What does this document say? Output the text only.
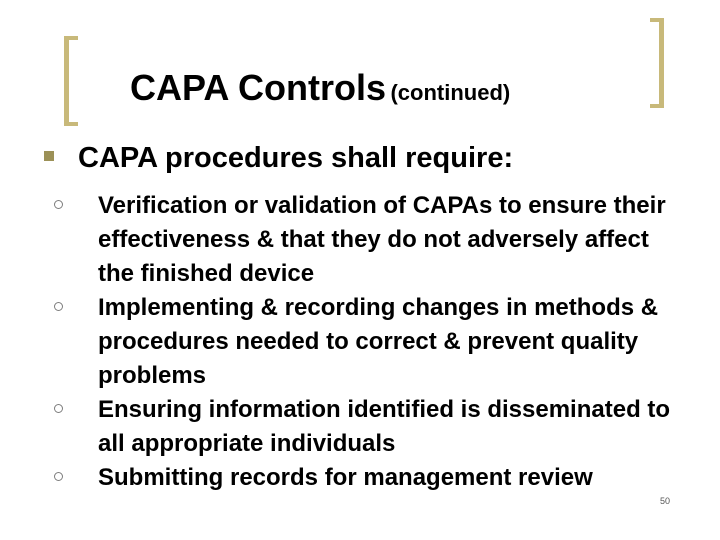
CAPA Controls (continued)
CAPA procedures shall require:
Verification or validation of CAPAs to ensure their effectiveness & that they do not adversely affect the finished device
Implementing & recording changes in methods & procedures needed to correct & prevent quality problems
Ensuring information identified is disseminated to all appropriate individuals
Submitting records for management review
50
